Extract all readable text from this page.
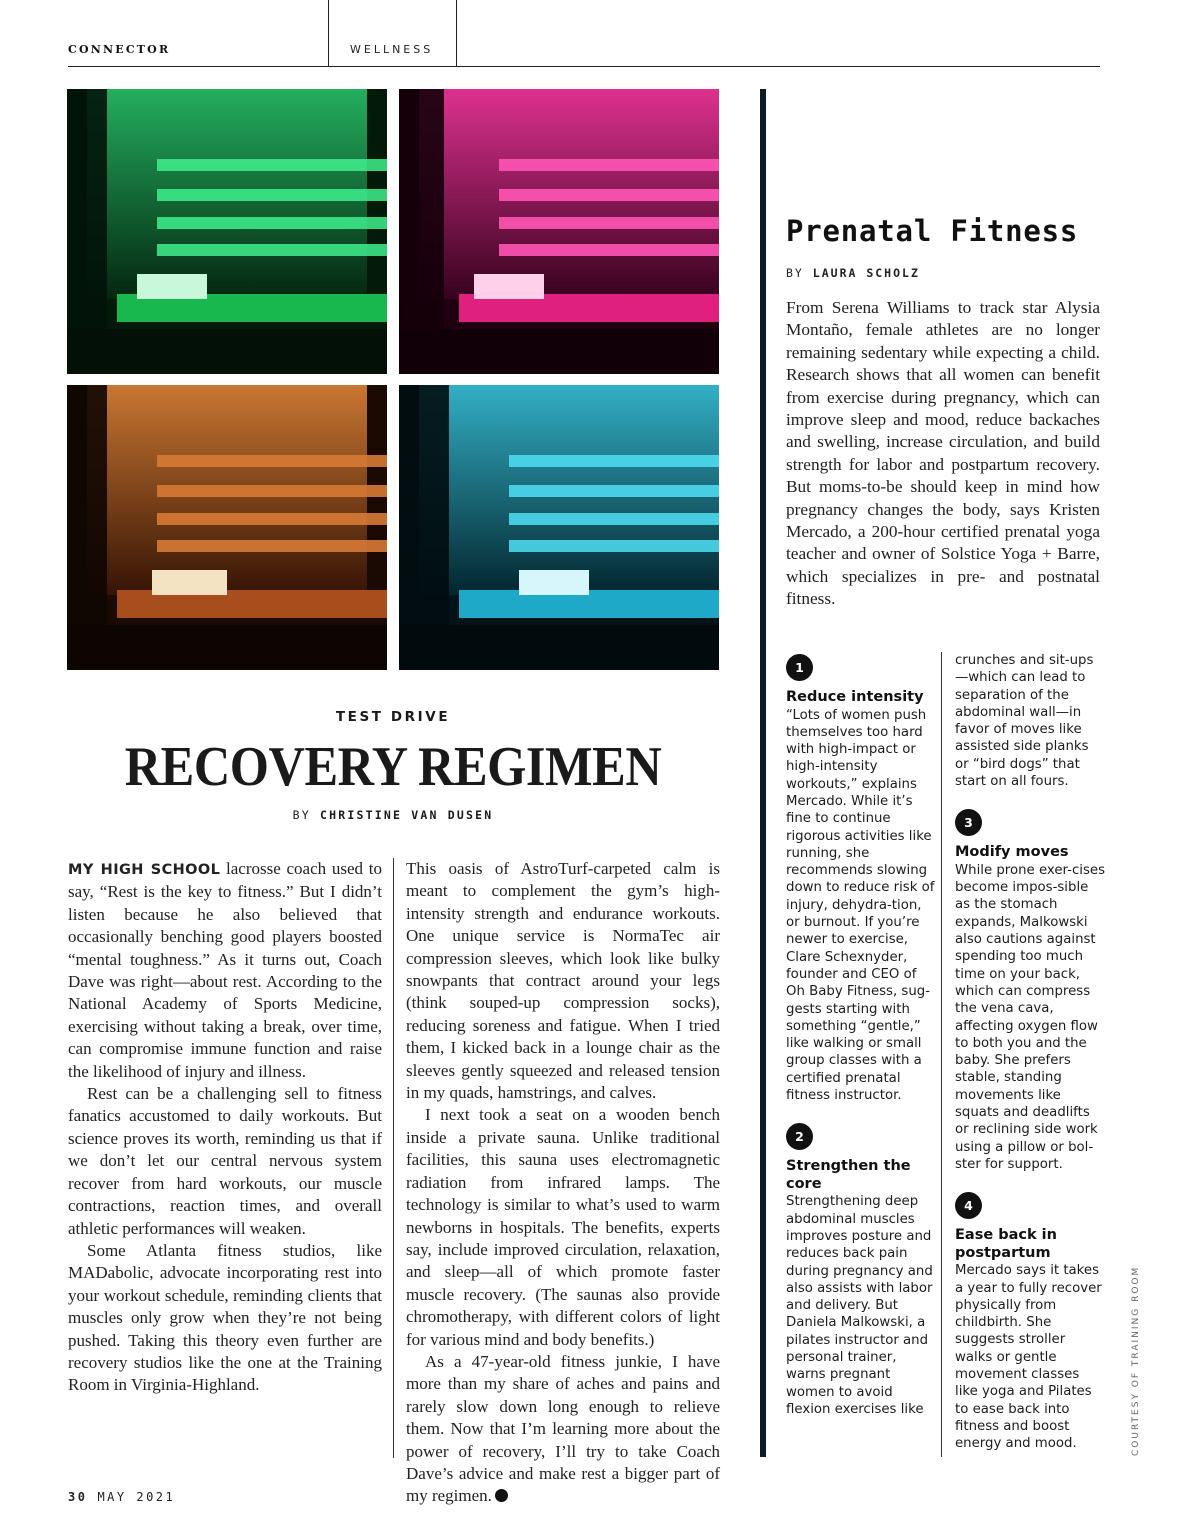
CONNECTOR	WELLNESS
TEST DRIVE
RECOVERY REGIMEN
BY CHRISTINE VAN DUSEN

MY HIGH SCHOOL lacrosse coach used to say, “Rest is the key to fitness.” But I didn’t listen because he also believed that occasionally benching good players boosted “mental toughness.” As it turns out, Coach Dave was right—about rest. According to the National Academy of Sports Medicine, exercising without taking a break, over time, can compromise immune function and raise the likelihood of injury and illness.

Rest can be a challenging sell to fitness fanatics accustomed to daily workouts. But science proves its worth, reminding us that if we don’t let our central nervous system recover from hard workouts, our muscle contractions, reaction times, and overall athletic performances will weaken.

Some Atlanta fitness studios, like MADabolic, advocate incorporating rest into your workout schedule, reminding clients that muscles only grow when they’re not being pushed. Taking this theory even further are recovery studios like the one at the Training Room in Virginia-Highland.

This oasis of AstroTurf-carpeted calm is meant to complement the gym’s high-intensity strength and endurance workouts. One unique service is NormaTec air compression sleeves, which look like bulky snowpants that contract around your legs (think souped-up compression socks), reducing soreness and fatigue. When I tried them, I kicked back in a lounge chair as the sleeves gently squeezed and released tension in my quads, hamstrings, and calves.

I next took a seat on a wooden bench inside a private sauna. Unlike traditional facilities, this sauna uses electromagnetic radiation from infrared lamps. The technology is similar to what’s used to warm newborns in hospitals. The benefits, experts say, include improved circulation, relaxation, and sleep—all of which promote faster muscle recovery. (The saunas also provide chromotherapy, with different colors of light for various mind and body benefits.)

As a 47-year-old fitness junkie, I have more than my share of aches and pains and rarely slow down long enough to relieve them. Now that I’m learning more about the power of recovery, I’ll try to take Coach Dave’s advice and make rest a bigger part of my regimen.

Prenatal Fitness
BY LAURA SCHOLZ
From Serena Williams to track star Alysia Montaño, female athletes are no longer remaining sedentary while expecting a child. Research shows that all women can benefit from exercise during pregnancy, which can improve sleep and mood, reduce backaches and swelling, increase circulation, and build strength for labor and postpartum recovery. But moms-to-be should keep in mind how pregnancy changes the body, says Kristen Mercado, a 200-hour certified prenatal yoga teacher and owner of Solstice Yoga + Barre, which specializes in pre- and postnatal fitness.
1
Reduce intensity
“Lots of women push themselves too hard with high-impact or high-intensity workouts,” explains Mercado. While it’s fine to continue rigorous activities like running, she recommends slowing down to reduce risk of injury, dehydra-tion, or burnout. If you’re newer to exercise, Clare Schexnyder, founder and CEO of Oh Baby Fitness, sug-gests starting with something “gentle,” like walking or small group classes with a certified prenatal fitness instructor.
2
Strengthen the core
Strengthening deep abdominal muscles improves posture and reduces back pain during pregnancy and also assists with labor and delivery. But Daniela Malkowski, a pilates instructor and personal trainer, warns pregnant women to avoid flexion exercises like
crunches and sit-ups—which can lead to separation of the abdominal wall—in favor of moves like assisted side planks or “bird dogs” that start on all fours.
3
Modify moves
While prone exer-cises become impos-sible as the stomach expands, Malkowski also cautions against spending too much time on your back, which can compress the vena cava, affecting oxygen flow to both you and the baby. She prefers stable, standing movements like squats and deadlifts or reclining side work using a pillow or bol-ster for support.
4
Ease back in postpartum
Mercado says it takes a year to fully recover physically from childbirth. She suggests stroller walks or gentle movement classes like yoga and Pilates to ease back into fitness and boost energy and mood.	COURTESY OF TRAINING ROOM
30 MAY 2021
